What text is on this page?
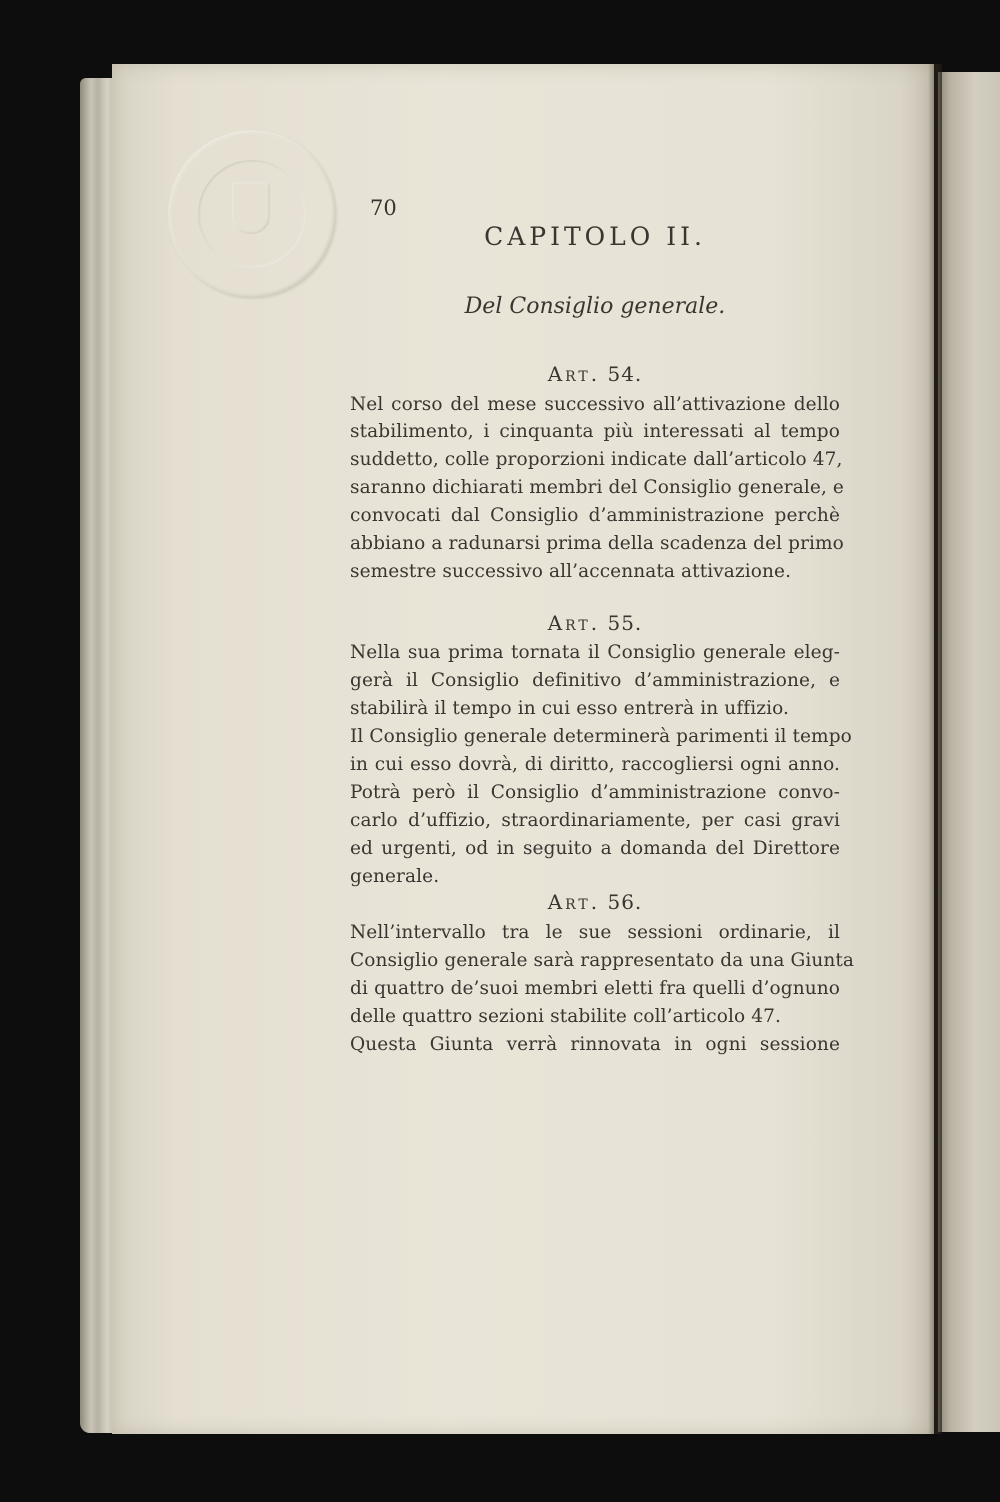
70
CAPITOLO II.
Del Consiglio generale.
Art. 54.
Nel corso del mese successivo all’attivazione dello
stabilimento, i cinquanta più interessati al tempo
suddetto, colle proporzioni indicate dall’articolo 47,
saranno dichiarati membri del Consiglio generale, e
convocati dal Consiglio d’amministrazione perchè
abbiano a radunarsi prima della scadenza del primo
semestre successivo all’accennata attivazione.
Art. 55.
Nella sua prima tornata il Consiglio generale eleg-
gerà il Consiglio definitivo d’amministrazione, e
stabilirà il tempo in cui esso entrerà in uffizio.
Il Consiglio generale determinerà parimenti il tempo
in cui esso dovrà, di diritto, raccogliersi ogni anno.
Potrà però il Consiglio d’amministrazione convo-
carlo d’uffizio, straordinariamente, per casi gravi
ed urgenti, od in seguito a domanda del Direttore
generale.
Art. 56.
Nell’intervallo tra le sue sessioni ordinarie, il
Consiglio generale sarà rappresentato da una Giunta
di quattro de’suoi membri eletti fra quelli d’ognuno
delle quattro sezioni stabilite coll’articolo 47.
Questa Giunta verrà rinnovata in ogni sessione
